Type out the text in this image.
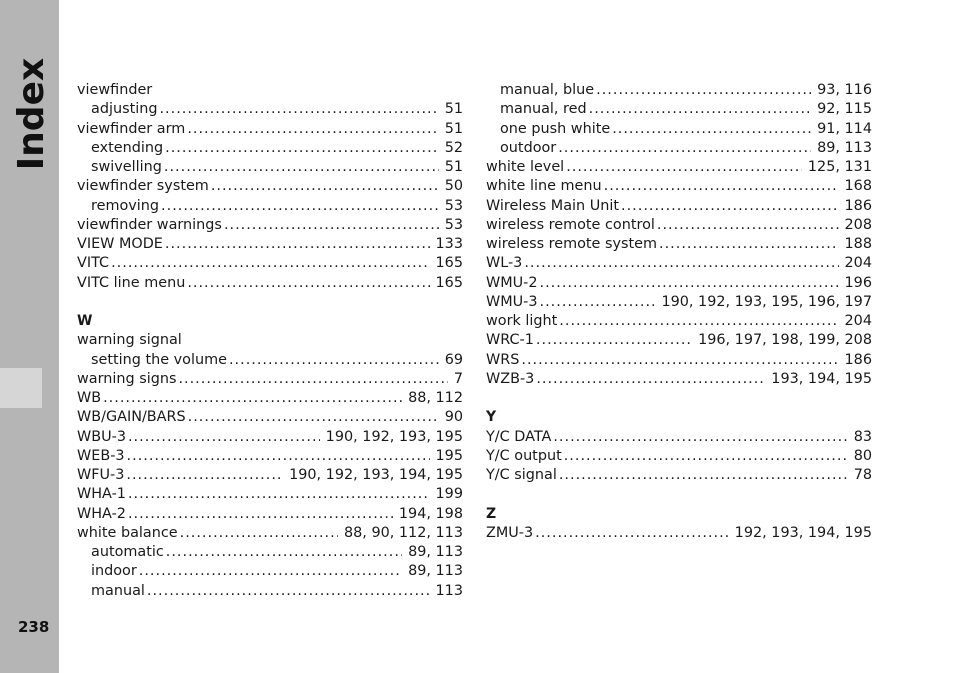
Index
238
viewfinder
adjusting .....	51
viewfinder arm .....	51
extending .....	52
swivelling .....	51
viewfinder system .....	50
removing .....	53
viewfinder warnings .....	53
VIEW MODE .....	133
VITC .....	165
VITC line menu .....	165
W
warning signal
setting the volume .....	69
warning signs .....	7
WB .....	88, 112
WB/GAIN/BARS .....	90
WBU-3 .....	190, 192, 193, 195
WEB-3 .....	195
WFU-3 .....	190, 192, 193, 194, 195
WHA-1 .....	199
WHA-2 .....	194, 198
white balance .....	88, 90, 112, 113
automatic .....	89, 113
indoor .....	89, 113
manual .....	113
manual, blue .....	93, 116
manual, red .....	92, 115
one push white .....	91, 114
outdoor .....	89, 113
white level .....	125, 131
white line menu .....	168
Wireless Main Unit .....	186
wireless remote control .....	208
wireless remote system .....	188
WL-3 .....	204
WMU-2 .....	196
WMU-3 .....	190, 192, 193, 195, 196, 197
work light .....	204
WRC-1 .....	196, 197, 198, 199, 208
WRS .....	186
WZB-3 .....	193, 194, 195
Y
Y/C DATA .....	83
Y/C output .....	80
Y/C signal .....	78
Z
ZMU-3 .....	192, 193, 194, 195
